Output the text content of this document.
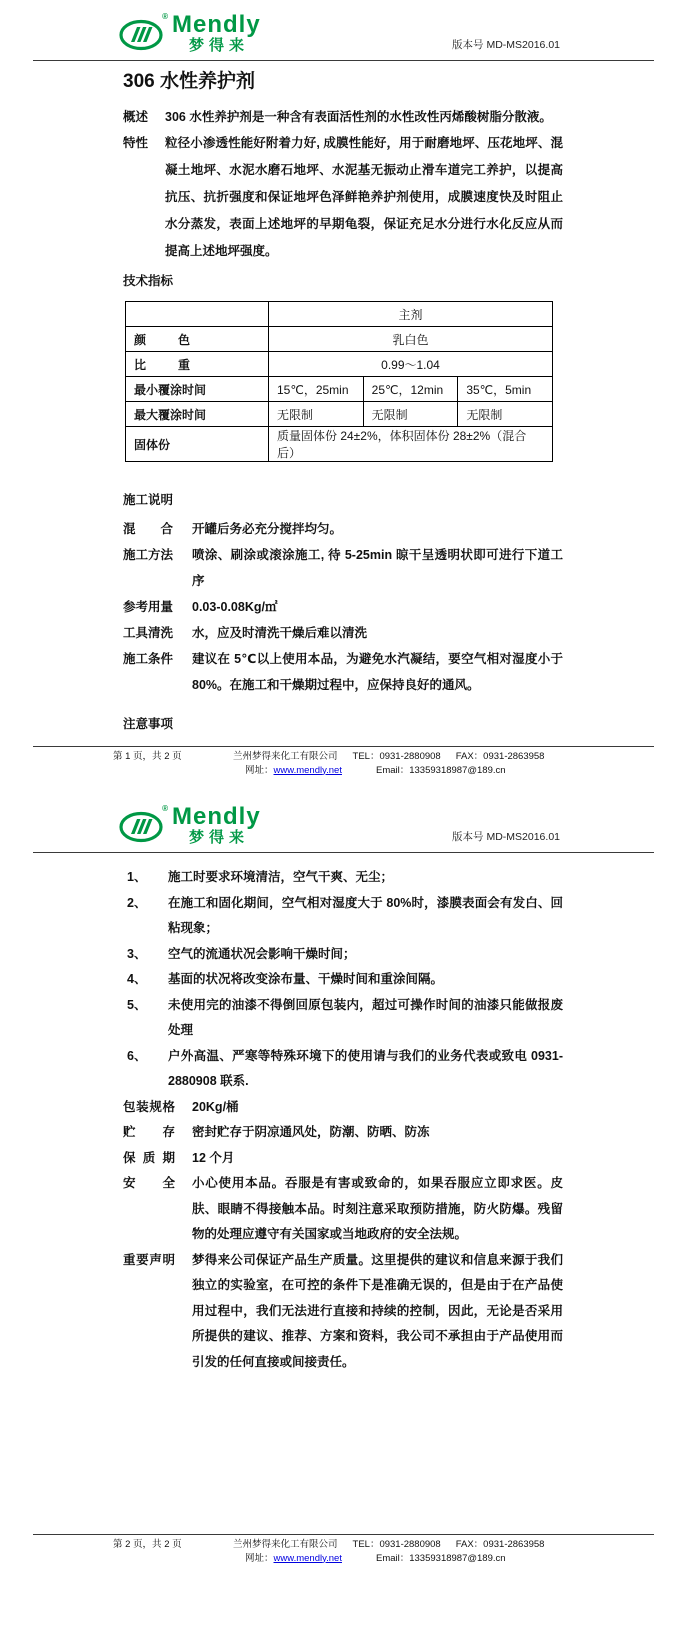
® Mendly
梦得来	版本号 MD-MS2016.01
306 水性养护剂
概述	306 水性养护剂是一种含有表面活性剂的水性改性丙烯酸树脂分散液。
特性	粒径小渗透性能好附着力好, 成膜性能好，用于耐磨地坪、压花地坪、混凝土地坪、水泥水磨石地坪、水泥基无振动止滑车道完工养护，以提高抗压、抗折强度和保证地坪色泽鲜艳养护剂使用，成膜速度快及时阻止水分蒸发，表面上述地坪的早期龟裂，保证充足水分进行水化反应从而提高上述地坪强度。
技术指标
	主剂		
颜色	乳白色		
比重	0.99～1.04		
最小覆涂时间	15℃，25min	25℃，12min	35℃，5min
最大覆涂时间	无限制	无限制	无限制
固体份	质量固体份 24±2%，体积固体份 28±2%（混合后）		
施工说明
混合	开罐后务必充分搅拌均匀。
施工方法	喷涂、刷涂或滚涂施工, 待 5-25min 晾干呈透明状即可进行下道工序
参考用量	0.03-0.08Kg/㎡
工具清洗	水，应及时清洗干燥后难以清洗
施工条件	建议在 5℃以上使用本品，为避免水汽凝结，要空气相对湿度小于 80%。在施工和干燥期过程中，应保持良好的通风。
注意事项
第 1 页，共 2 页	兰州梦得来化工有限公司 TEL：0931-2880908 FAX：0931-2863958
网址：www.mendly.net	Email：13359318987@189.cn
® Mendly
梦得来	版本号 MD-MS2016.01
1、	施工时要求环境清洁，空气干爽、无尘；
2、	在施工和固化期间，空气相对湿度大于 80%时，漆膜表面会有发白、回粘现象；
3、	空气的流通状况会影响干燥时间；
4、	基面的状况将改变涂布量、干燥时间和重涂间隔。
5、	未使用完的油漆不得倒回原包装内，超过可操作时间的油漆只能做报废处理
6、	户外高温、严寒等特殊环境下的使用请与我们的业务代表或致电 0931-2880908 联系.
包装规格	20Kg/桶
贮存	密封贮存于阴凉通风处，防潮、防晒、防冻
保质期	12 个月
安全	小心使用本品。吞服是有害或致命的，如果吞服应立即求医。皮肤、眼睛不得接触本品。时刻注意采取预防措施，防火防爆。残留物的处理应遵守有关国家或当地政府的安全法规。
重要声明	梦得来公司保证产品生产质量。这里提供的建议和信息来源于我们独立的实验室，在可控的条件下是准确无误的，但是由于在产品使用过程中，我们无法进行直接和持续的控制，因此，无论是否采用所提供的建议、推荐、方案和资料，我公司不承担由于产品使用而引发的任何直接或间接责任。
第 2 页，共 2 页	兰州梦得来化工有限公司 TEL：0931-2880908 FAX：0931-2863958
网址：www.mendly.net	Email：13359318987@189.cn
